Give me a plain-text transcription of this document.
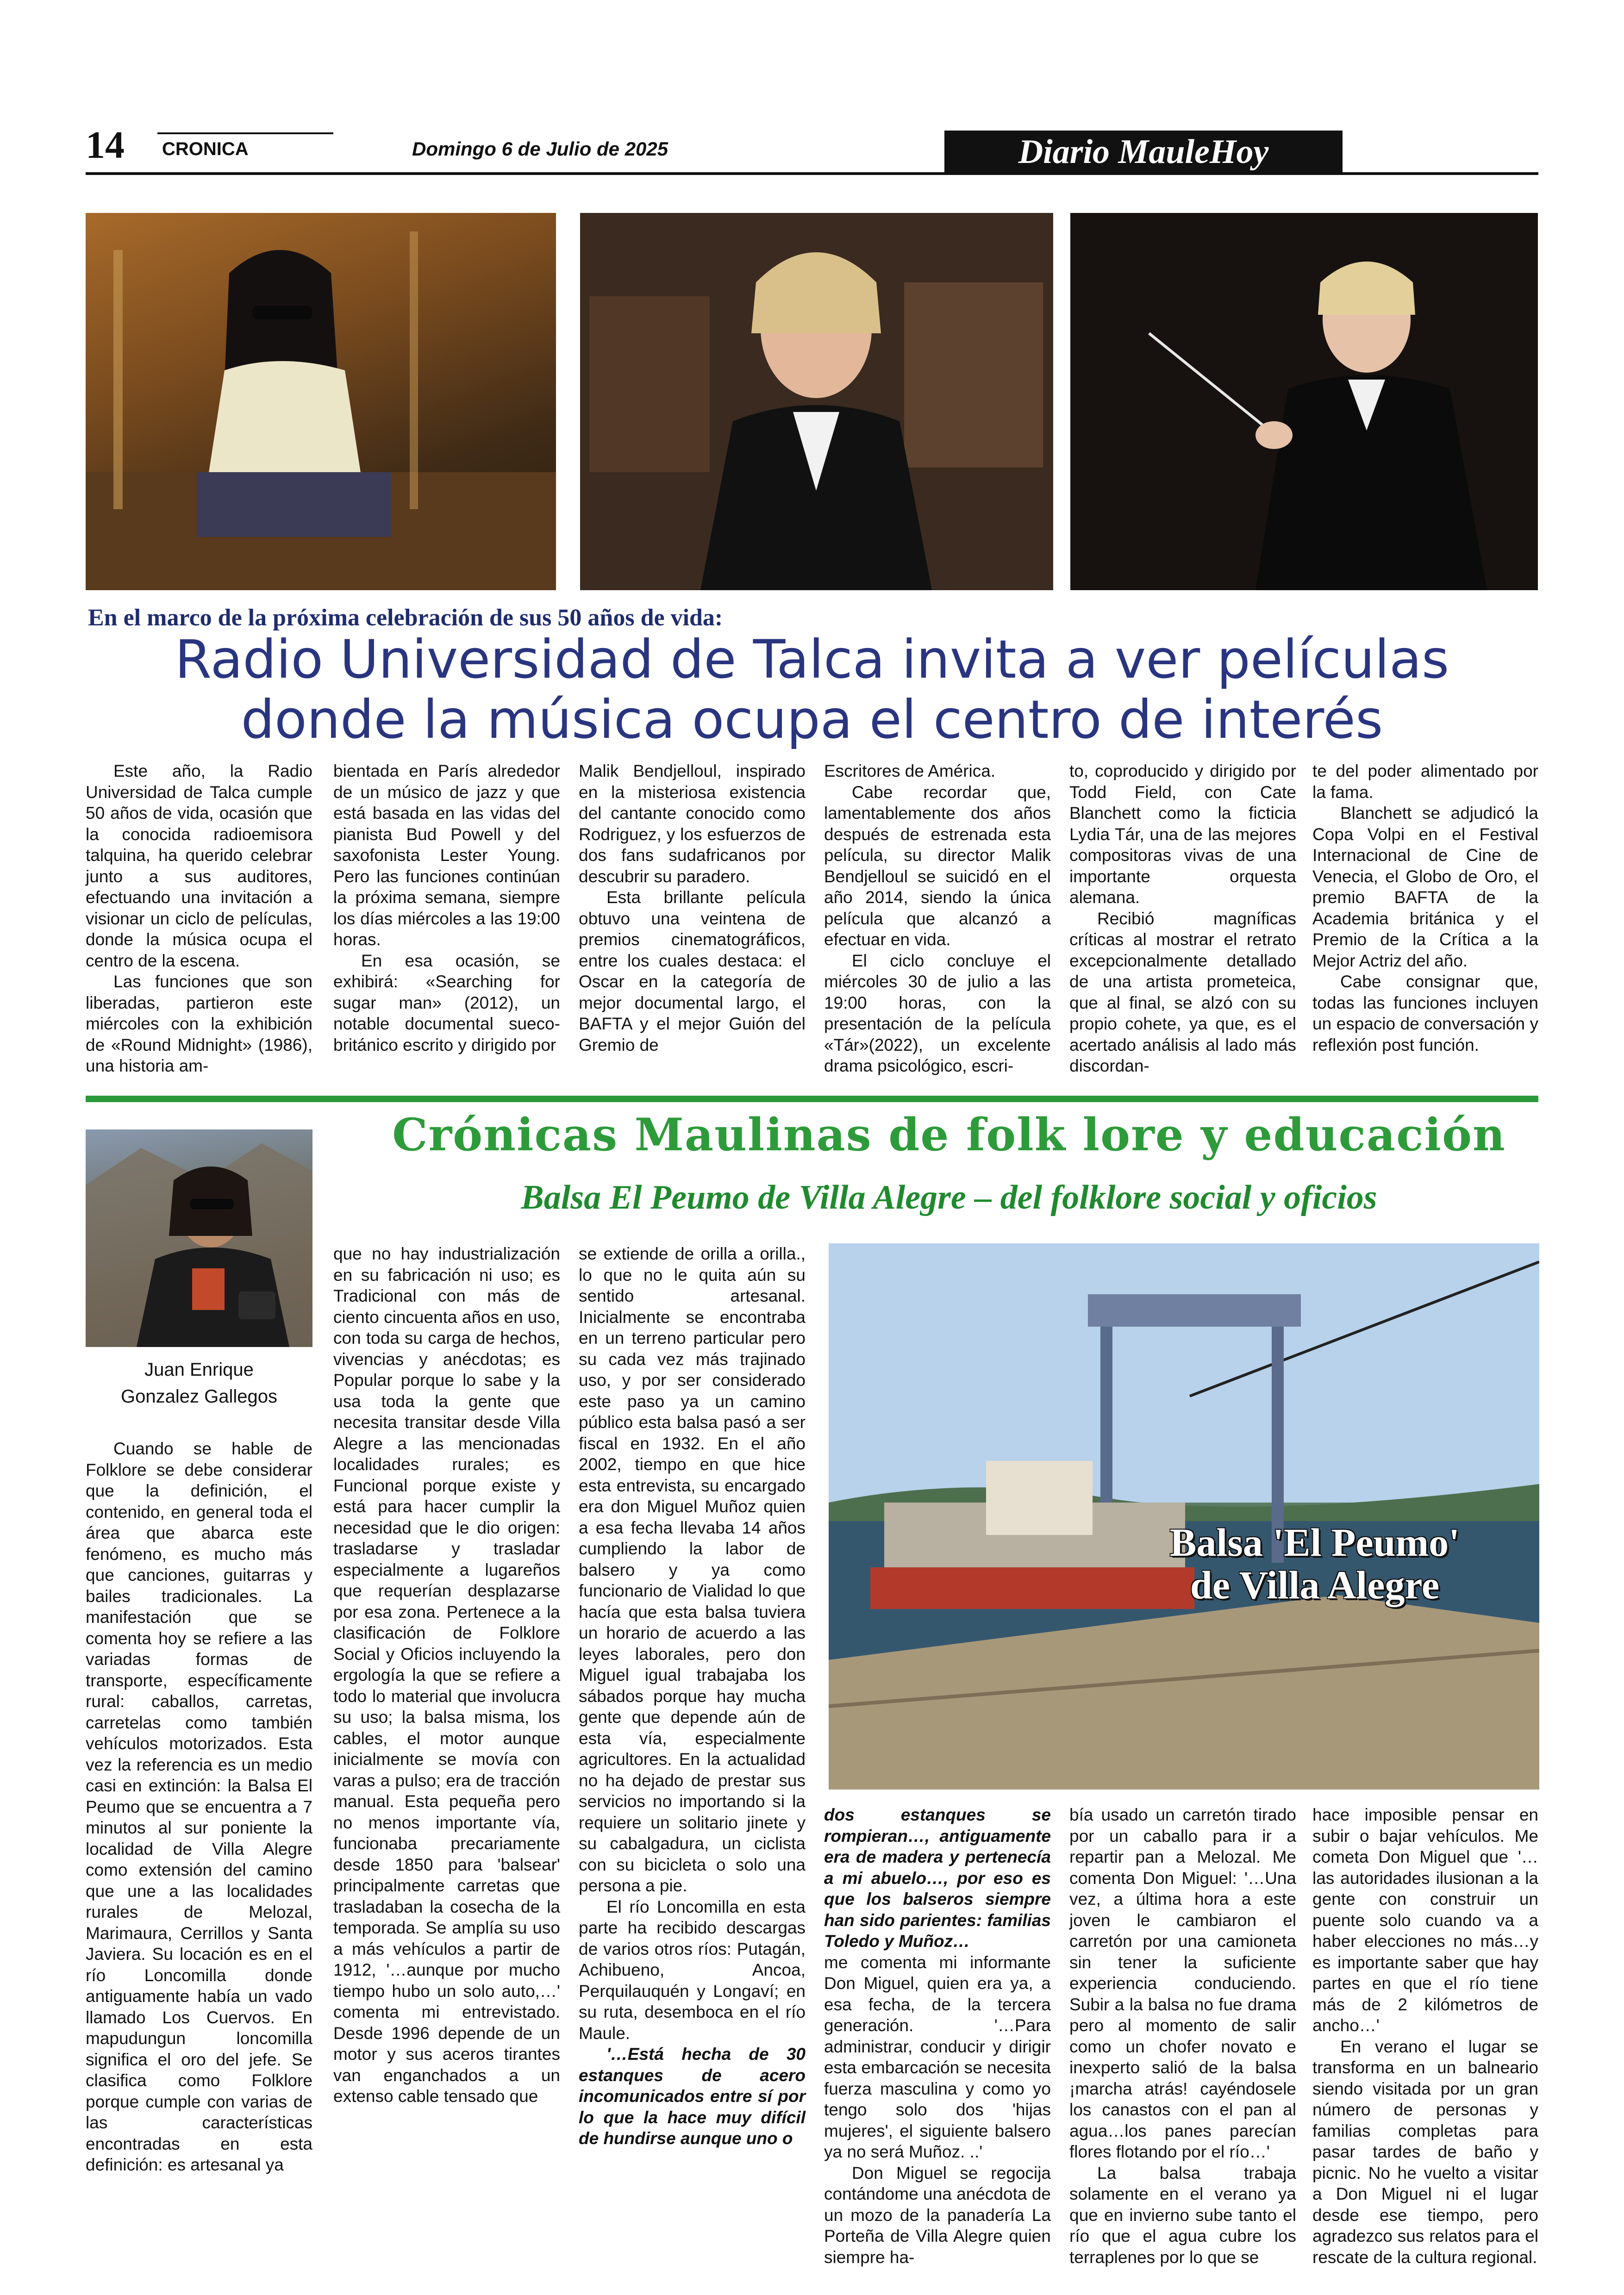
14 CRONICA	Domingo 6 de Julio de 2025	Diario MauleHoy
En el marco de la próxima celebración de sus 50 años de vida:
Radio Universidad de Talca invita a ver películas
donde la música ocupa el centro de interés

Este año, la Radio Universidad de Talca cumple 50 años de vida, ocasión que la conocida radioemisora talquina, ha querido celebrar junto a sus auditores, efectuando una invitación a visionar un ciclo de películas, donde la música ocupa el centro de la escena.

Las funciones que son liberadas, partieron este miércoles con la exhibición de «Round Midnight» (1986), una historia am-

bientada en París alrededor de un músico de jazz y que está basada en las vidas del pianista Bud Powell y del saxofonista Lester Young. Pero las funciones continúan la próxima semana, siempre los días miércoles a las 19:00 horas.

En esa ocasión, se exhibirá: «Searching for sugar man» (2012), un notable documental sueco-británico escrito y dirigido por

Malik Bendjelloul, inspirado en la misteriosa existencia del cantante conocido como Rodriguez, y los esfuerzos de dos fans sudafricanos por descubrir su paradero.

Esta brillante película obtuvo una veintena de premios cinematográficos, entre los cuales destaca: el Oscar en la categoría de mejor documental largo, el BAFTA y el mejor Guión del Gremio de

Escritores de América.

Cabe recordar que, lamentablemente dos años después de estrenada esta película, su director Malik Bendjelloul se suicidó en el año 2014, siendo la única película que alcanzó a efectuar en vida.

El ciclo concluye el miércoles 30 de julio a las 19:00 horas, con la presentación de la película «Tár»(2022), un excelente drama psicológico, escri-

to, coproducido y dirigido por Todd Field, con Cate Blanchett como la ficticia Lydia Tár, una de las mejores compositoras vivas de una importante orquesta alemana.

Recibió magníficas críticas al mostrar el retrato excepcionalmente detallado de una artista prometeica, que al final, se alzó con su propio cohete, ya que, es el acertado análisis al lado más discordan-

te del poder alimentado por la fama.

Blanchett se adjudicó la Copa Volpi en el Festival Internacional de Cine de Venecia, el Globo de Oro, el premio BAFTA de la Academia británica y el Premio de la Crítica a la Mejor Actriz del año.

Cabe consignar que, todas las funciones incluyen un espacio de conversación y reflexión post función.

Juan Enrique
Gonzalez Gallegos
Crónicas Maulinas de folk lore y educación
Balsa El Peumo de Villa Alegre – del folklore social y oficios
Balsa 'El Peumo'
de Villa Alegre

Cuando se hable de Folklore se debe considerar que la definición, el contenido, en general toda el área que abarca este fenómeno, es mucho más que canciones, guitarras y bailes tradicionales. La manifestación que se comenta hoy se refiere a las variadas formas de transporte, específicamente rural: caballos, carretas, carretelas como también vehículos motorizados. Esta vez la referencia es un medio casi en extinción: la Balsa El Peumo que se encuentra a 7 minutos al sur poniente la localidad de Villa Alegre como extensión del camino que une a las localidades rurales de Melozal, Marimaura, Cerrillos y Santa Javiera. Su locación es en el río Loncomilla donde antiguamente había un vado llamado Los Cuervos. En mapudungun loncomilla significa el oro del jefe. Se clasifica como Folklore porque cumple con varias de las características encontradas en esta definición: es artesanal ya

que no hay industrialización en su fabricación ni uso; es Tradicional con más de ciento cincuenta años en uso, con toda su carga de hechos, vivencias y anécdotas; es Popular porque lo sabe y la usa toda la gente que necesita transitar desde Villa Alegre a las mencionadas localidades rurales; es Funcional porque existe y está para hacer cumplir la necesidad que le dio origen: trasladarse y trasladar especialmente a lugareños que requerían desplazarse por esa zona. Pertenece a la clasificación de Folklore Social y Oficios incluyendo la ergología la que se refiere a todo lo material que involucra su uso; la balsa misma, los cables, el motor aunque inicialmente se movía con varas a pulso; era de tracción manual. Esta pequeña pero no menos importante vía, funcionaba precariamente desde 1850 para 'balsear' principalmente carretas que trasladaban la cosecha de la temporada. Se amplía su uso a más vehículos a partir de 1912, '…aunque por mucho tiempo hubo un solo auto,…' comenta mi entrevistado. Desde 1996 depende de un motor y sus aceros tirantes van enganchados a un extenso cable tensado que

se extiende de orilla a orilla., lo que no le quita aún su sentido artesanal. Inicialmente se encontraba en un terreno particular pero su cada vez más trajinado uso, y por ser considerado este paso ya un camino público esta balsa pasó a ser fiscal en 1932. En el año 2002, tiempo en que hice esta entrevista, su encargado era don Miguel Muñoz quien a esa fecha llevaba 14 años cumpliendo la labor de balsero y ya como funcionario de Vialidad lo que hacía que esta balsa tuviera un horario de acuerdo a las leyes laborales, pero don Miguel igual trabajaba los sábados porque hay mucha gente que depende aún de esta vía, especialmente agricultores. En la actualidad no ha dejado de prestar sus servicios no importando si la requiere un solitario jinete y su cabalgadura, un ciclista con su bicicleta o solo una persona a pie.

El río Loncomilla en esta parte ha recibido descargas de varios otros ríos: Putagán, Achibueno, Ancoa, Perquilauquén y Longaví; en su ruta, desemboca en el río Maule.

'…Está hecha de 30 estanques de acero incomunicados entre sí por lo que la hace muy difícil de hundirse aunque uno o

dos estanques se rompieran…, antiguamente era de madera y pertenecía a mi abuelo…, por eso es que los balseros siempre han sido parientes: familias Toledo y Muñoz…

me comenta mi informante Don Miguel, quien era ya, a esa fecha, de la tercera generación. '…Para administrar, conducir y dirigir esta embarcación se necesita fuerza masculina y como yo tengo solo dos 'hijas mujeres', el siguiente balsero ya no será Muñoz. ..'

Don Miguel se regocija contándome una anécdota de un mozo de la panadería La Porteña de Villa Alegre quien siempre ha-

bía usado un carretón tirado por un caballo para ir a repartir pan a Melozal. Me comenta Don Miguel: '…Una vez, a última hora a este joven le cambiaron el carretón por una camioneta sin tener la suficiente experiencia conduciendo. Subir a la balsa no fue drama pero al momento de salir como un chofer novato e inexperto salió de la balsa ¡marcha atrás! cayéndosele los canastos con el pan al agua…los panes parecían flores flotando por el río…'

La balsa trabaja solamente en el verano ya que en invierno sube tanto el río que el agua cubre los terraplenes por lo que se

hace imposible pensar en subir o bajar vehículos. Me cometa Don Miguel que '…las autoridades ilusionan a la gente con construir un puente solo cuando va a haber elecciones no más…y es importante saber que hay partes en que el río tiene más de 2 kilómetros de ancho…'

En verano el lugar se transforma en un balneario siendo visitada por un gran número de personas y familias completas para pasar tardes de baño y picnic. No he vuelto a visitar a Don Miguel ni el lugar desde ese tiempo, pero agradezco sus relatos para el rescate de la cultura regional.
